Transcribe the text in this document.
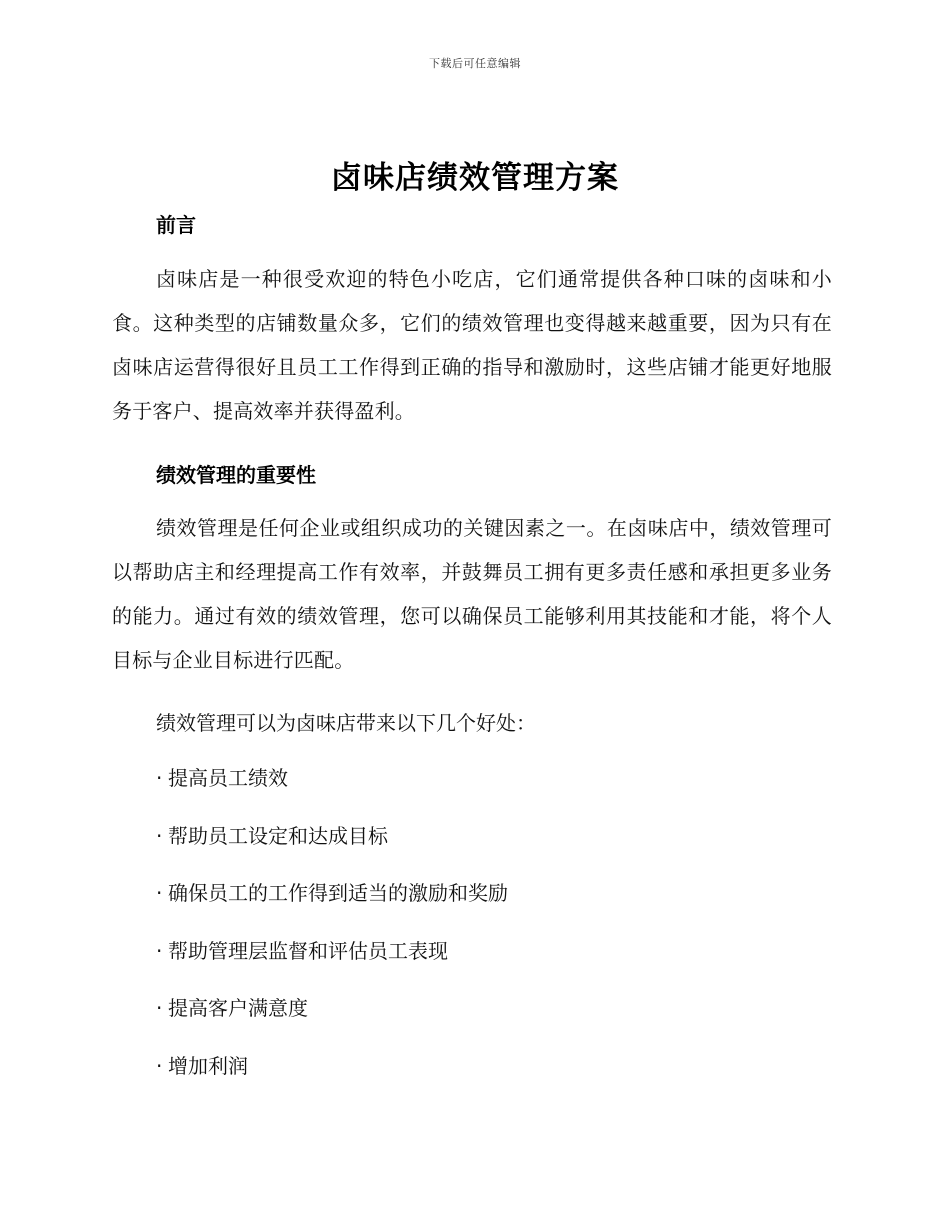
下载后可任意编辑
卤味店绩效管理方案
前言
卤味店是一种很受欢迎的特色小吃店，它们通常提供各种口味的卤味和小食。这种类型的店铺数量众多，它们的绩效管理也变得越来越重要，因为只有在卤味店运营得很好且员工工作得到正确的指导和激励时，这些店铺才能更好地服务于客户、提高效率并获得盈利。
绩效管理的重要性
绩效管理是任何企业或组织成功的关键因素之一。在卤味店中，绩效管理可以帮助店主和经理提高工作有效率，并鼓舞员工拥有更多责任感和承担更多业务的能力。通过有效的绩效管理，您可以确保员工能够利用其技能和才能，将个人目标与企业目标进行匹配。
绩效管理可以为卤味店带来以下几个好处：
· 提高员工绩效
· 帮助员工设定和达成目标
· 确保员工的工作得到适当的激励和奖励
· 帮助管理层监督和评估员工表现
· 提高客户满意度
· 增加利润
